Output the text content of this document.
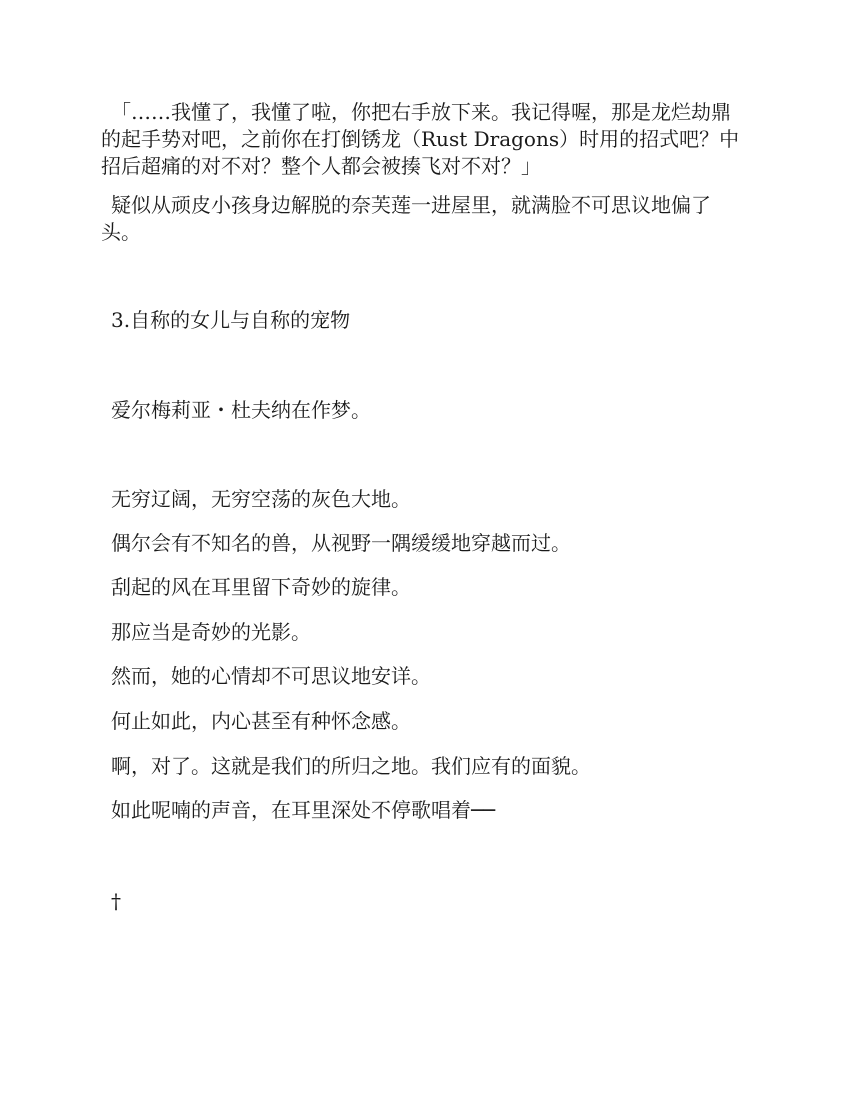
「……我懂了，我懂了啦，你把右手放下来。我记得喔，那是龙烂劫鼎的起手势对吧，之前你在打倒锈龙（Rust Dragons）时用的招式吧？中招后超痛的对不对？整个人都会被揍飞对不对？」

疑似从顽皮小孩身边解脱的奈芙莲一进屋里，就满脸不可思议地偏了头。

3.自称的女儿与自称的宠物

爱尔梅莉亚・杜夫纳在作梦。

无穷辽阔，无穷空荡的灰色大地。

偶尔会有不知名的兽，从视野一隅缓缓地穿越而过。

刮起的风在耳里留下奇妙的旋律。

那应当是奇妙的光影。

然而，她的心情却不可思议地安详。

何止如此，内心甚至有种怀念感。

啊，对了。这就是我们的所归之地。我们应有的面貌。

如此呢喃的声音，在耳里深处不停歌唱着──

†
